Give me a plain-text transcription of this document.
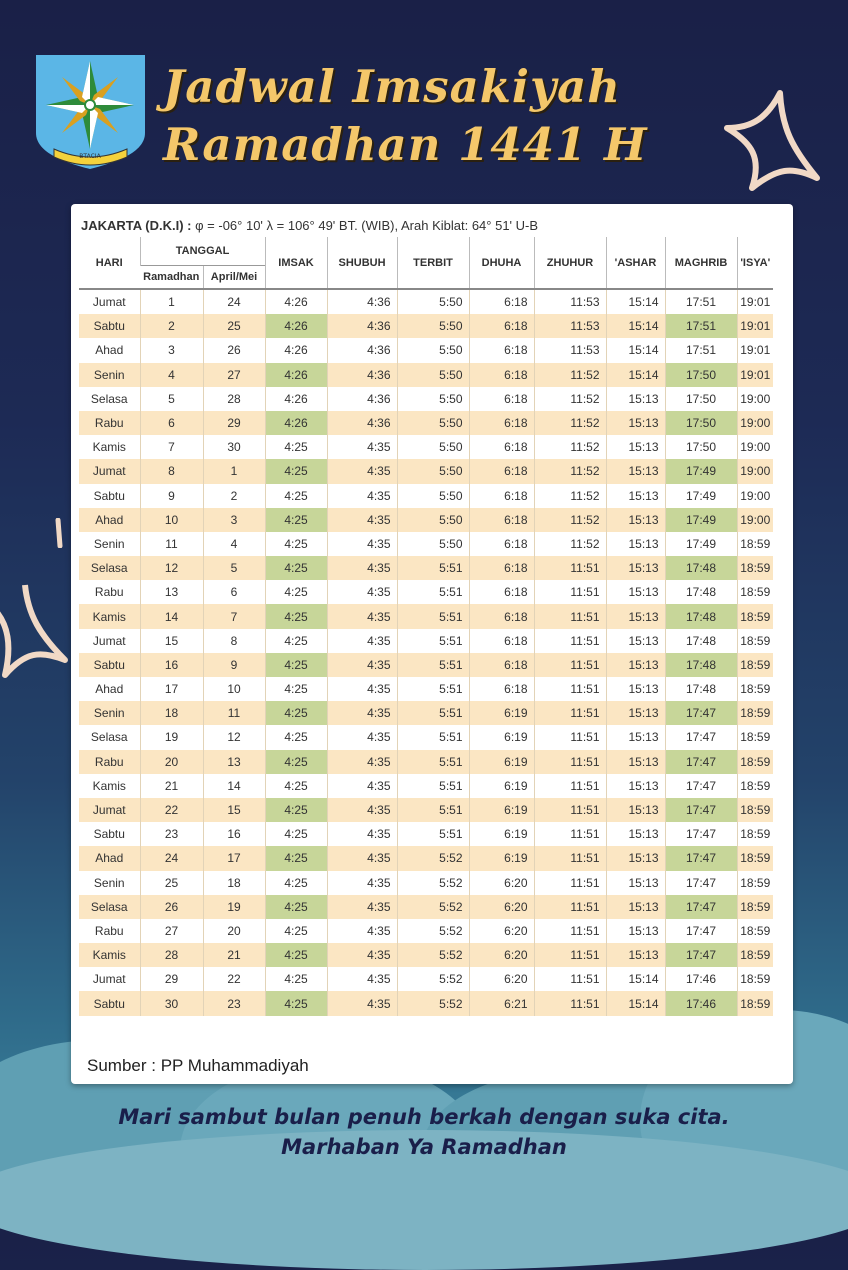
BTACIA
Jadwal Imsakiyah
Ramadhan 1441 H
JAKARTA (D.K.I) : φ = -06° 10' λ = 106° 49' BT. (WIB), Arah Kiblat: 64° 51' U-B
HARI	TANGGAL		IMSAK	SHUBUH	TERBIT	DHUHA	ZHUHUR	'ASHAR	MAGHRIB	'ISYA'
	Ramadhan	April/Mei								
Jumat	1	24	4:26	4:36	5:50	6:18	11:53	15:14	17:51	19:01
Sabtu	2	25	4:26	4:36	5:50	6:18	11:53	15:14	17:51	19:01
Ahad	3	26	4:26	4:36	5:50	6:18	11:53	15:14	17:51	19:01
Senin	4	27	4:26	4:36	5:50	6:18	11:52	15:14	17:50	19:01
Selasa	5	28	4:26	4:36	5:50	6:18	11:52	15:13	17:50	19:00
Rabu	6	29	4:26	4:36	5:50	6:18	11:52	15:13	17:50	19:00
Kamis	7	30	4:25	4:35	5:50	6:18	11:52	15:13	17:50	19:00
Jumat	8	1	4:25	4:35	5:50	6:18	11:52	15:13	17:49	19:00
Sabtu	9	2	4:25	4:35	5:50	6:18	11:52	15:13	17:49	19:00
Ahad	10	3	4:25	4:35	5:50	6:18	11:52	15:13	17:49	19:00
Senin	11	4	4:25	4:35	5:50	6:18	11:52	15:13	17:49	18:59
Selasa	12	5	4:25	4:35	5:51	6:18	11:51	15:13	17:48	18:59
Rabu	13	6	4:25	4:35	5:51	6:18	11:51	15:13	17:48	18:59
Kamis	14	7	4:25	4:35	5:51	6:18	11:51	15:13	17:48	18:59
Jumat	15	8	4:25	4:35	5:51	6:18	11:51	15:13	17:48	18:59
Sabtu	16	9	4:25	4:35	5:51	6:18	11:51	15:13	17:48	18:59
Ahad	17	10	4:25	4:35	5:51	6:18	11:51	15:13	17:48	18:59
Senin	18	11	4:25	4:35	5:51	6:19	11:51	15:13	17:47	18:59
Selasa	19	12	4:25	4:35	5:51	6:19	11:51	15:13	17:47	18:59
Rabu	20	13	4:25	4:35	5:51	6:19	11:51	15:13	17:47	18:59
Kamis	21	14	4:25	4:35	5:51	6:19	11:51	15:13	17:47	18:59
Jumat	22	15	4:25	4:35	5:51	6:19	11:51	15:13	17:47	18:59
Sabtu	23	16	4:25	4:35	5:51	6:19	11:51	15:13	17:47	18:59
Ahad	24	17	4:25	4:35	5:52	6:19	11:51	15:13	17:47	18:59
Senin	25	18	4:25	4:35	5:52	6:20	11:51	15:13	17:47	18:59
Selasa	26	19	4:25	4:35	5:52	6:20	11:51	15:13	17:47	18:59
Rabu	27	20	4:25	4:35	5:52	6:20	11:51	15:13	17:47	18:59
Kamis	28	21	4:25	4:35	5:52	6:20	11:51	15:13	17:47	18:59
Jumat	29	22	4:25	4:35	5:52	6:20	11:51	15:14	17:46	18:59
Sabtu	30	23	4:25	4:35	5:52	6:21	11:51	15:14	17:46	18:59
Sumber : PP Muhammadiyah
Mari sambut bulan penuh berkah dengan suka cita.
Marhaban Ya Ramadhan
